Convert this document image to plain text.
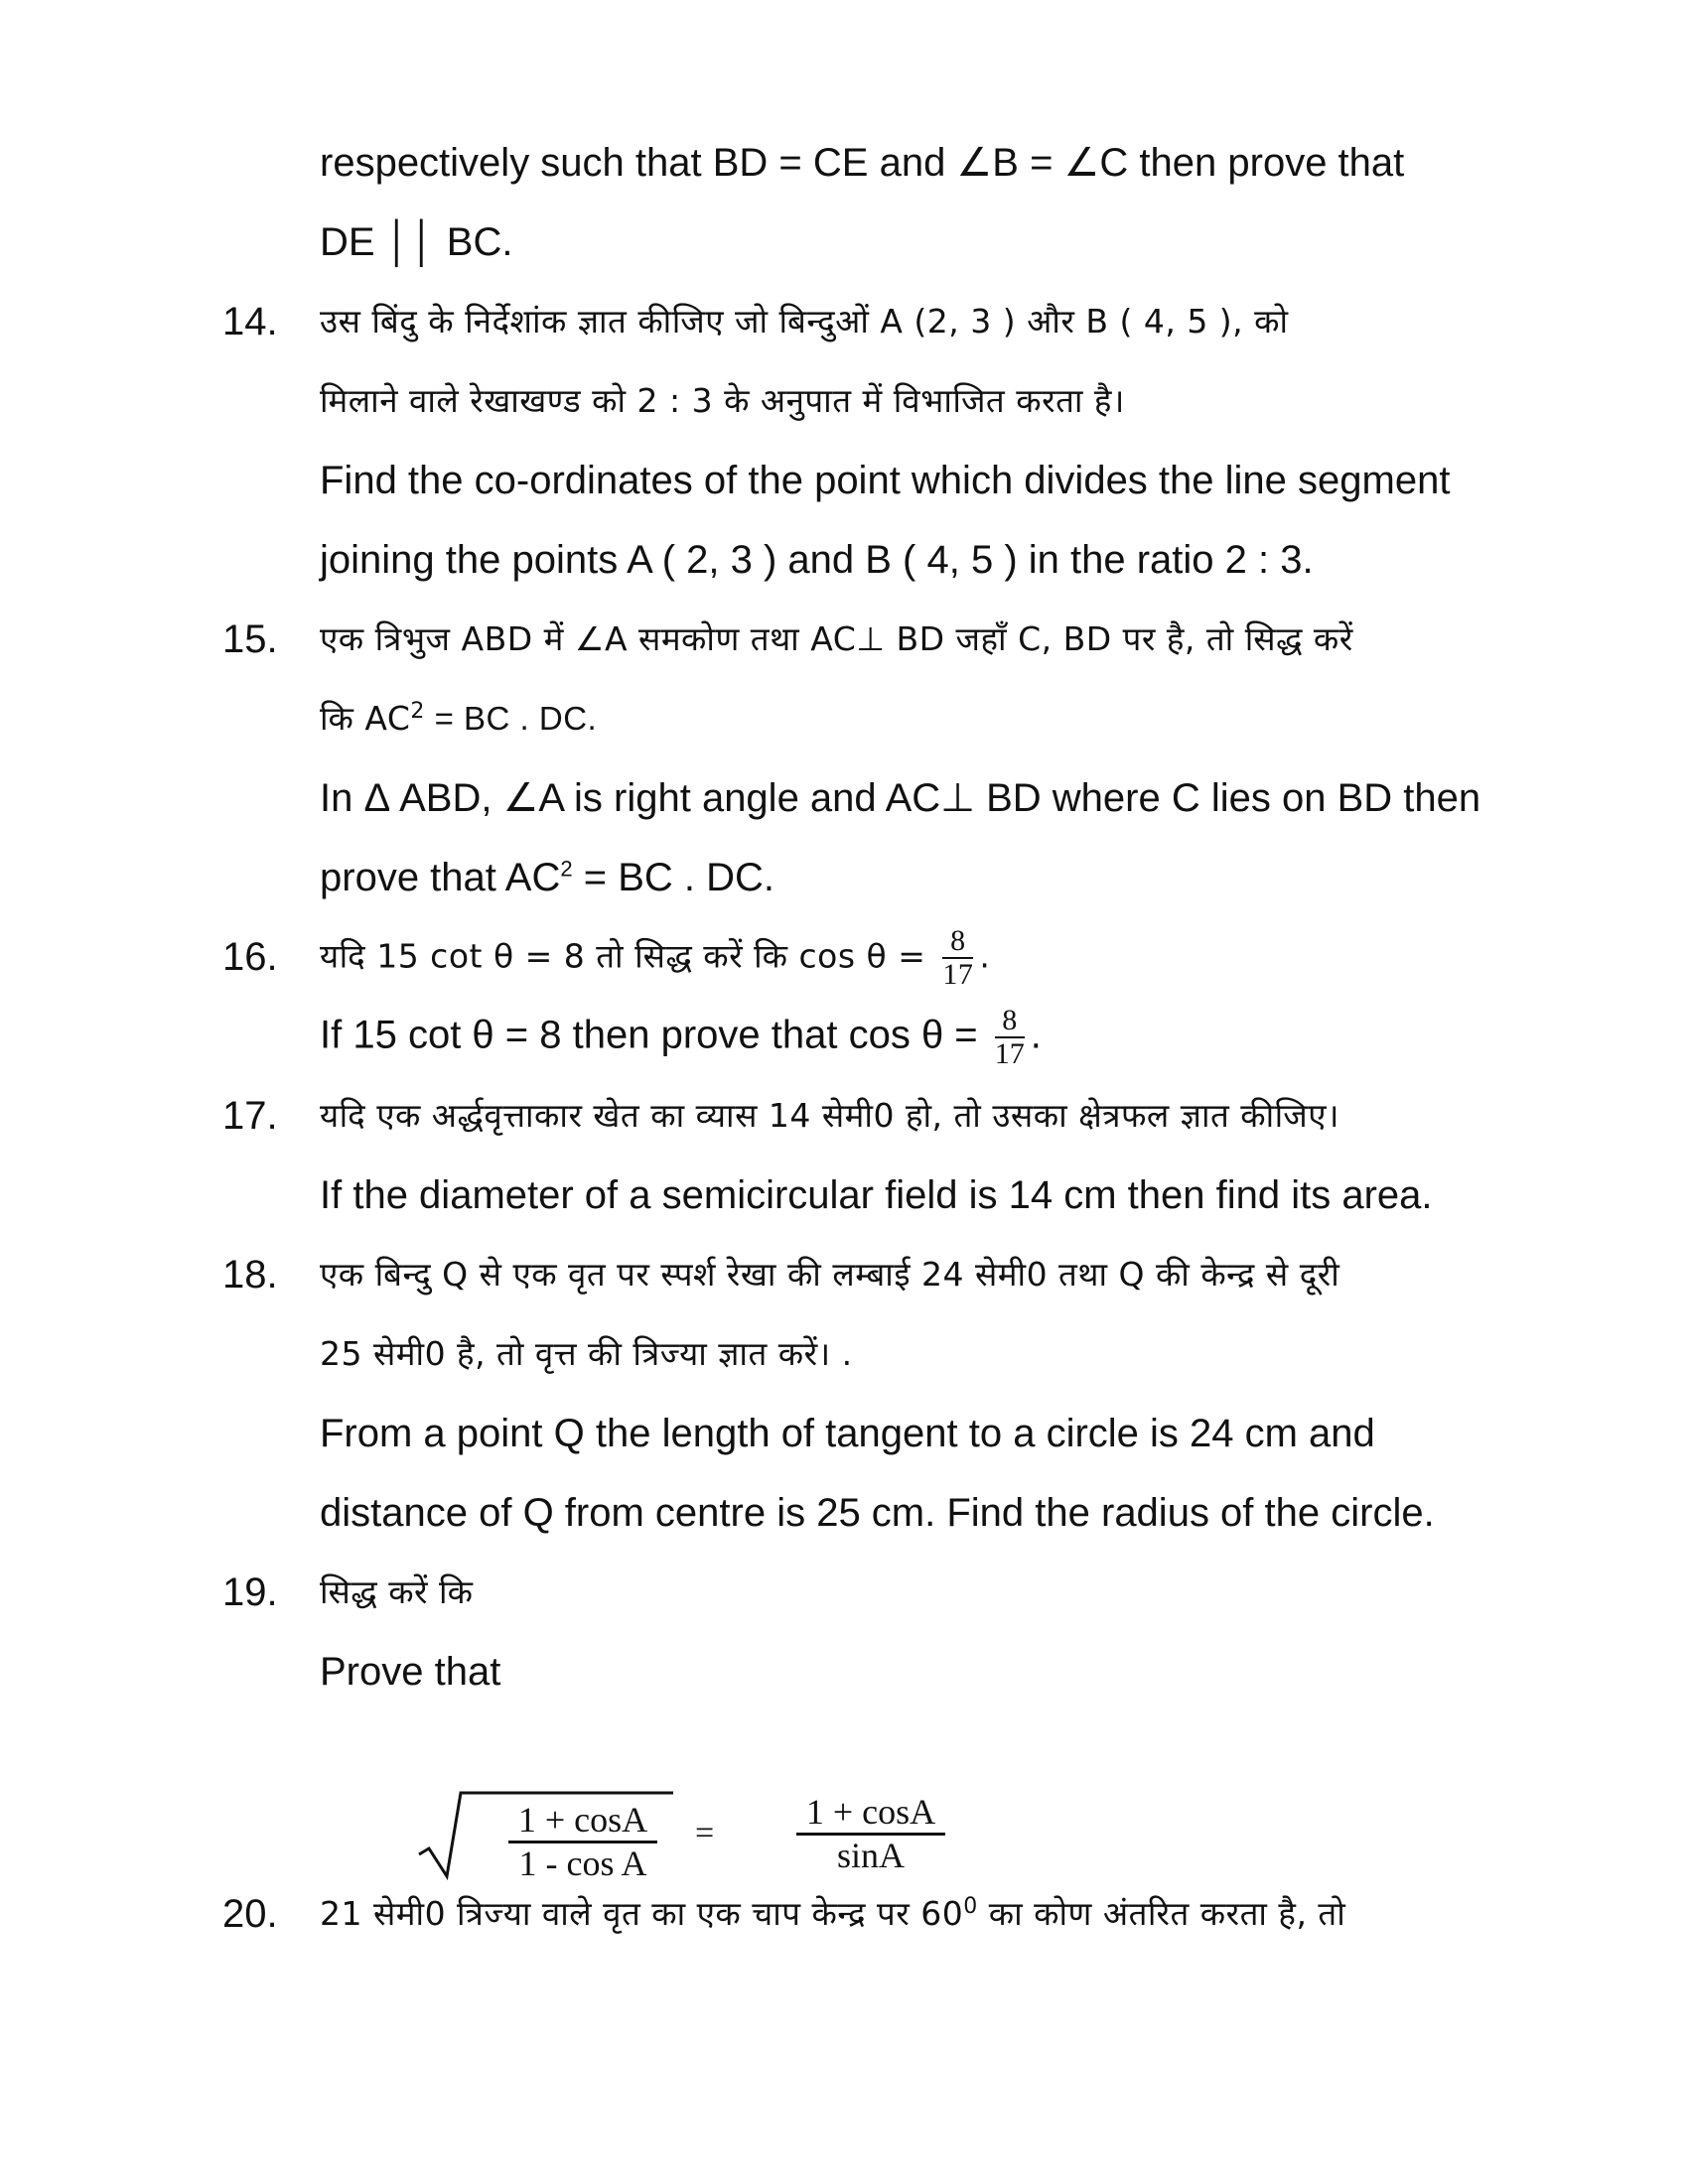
respectively such that BD = CE and ∠B = ∠C then prove that
DE ││ BC.
14. उस बिंदु के निर्देशांक ज्ञात कीजिए जो बिन्दुओं A (2, 3 ) और B ( 4, 5 ), को
मिलाने वाले रेखाखण्ड को 2 : 3 के अनुपात में विभाजित करता है।
Find the co-ordinates of the point which divides the line segment
joining the points A ( 2, 3 ) and B ( 4, 5 ) in the ratio 2 : 3.
15. एक त्रिभुज ABD में ∠A समकोण तथा AC⊥ BD जहाँ C, BD पर है, तो सिद्ध करें
कि $AC^2$ = BC . DC.
In Δ ABD, ∠A is right angle and AC⊥ BD where C lies on BD then
prove that $AC^2$ = BC . DC.
16. यदि 15 cot θ = 8 तो सिद्ध करें कि $\cos \theta = \frac{8}{17}$ .
If 15 cot θ = 8 then prove that $\cos \theta = \frac{8}{17}$ .
17. यदि एक अर्द्धवृत्ताकार खेत का व्यास 14 सेमी0 हो, तो उसका क्षेत्रफल ज्ञात कीजिए।
If the diameter of a semicircular field is 14 cm then find its area.
18. एक बिन्दु Q से एक वृत पर स्पर्श रेखा की लम्बाई 24 सेमी0 तथा Q की केन्द्र से दूरी
25 सेमी0 है, तो वृत्त की त्रिज्या ज्ञात करें। .
From a point Q the length of tangent to a circle is 24 cm and
distance of Q from centre is 25 cm. Find the radius of the circle.
19. सिद्ध करें कि
Prove that
1 + cosA
1 - cos A
=
1 + cosA
sinA
20. 21 सेमी0 त्रिज्या वाले वृत का एक चाप केन्द्र पर $60^0$ का कोण अंतरित करता है, तो
